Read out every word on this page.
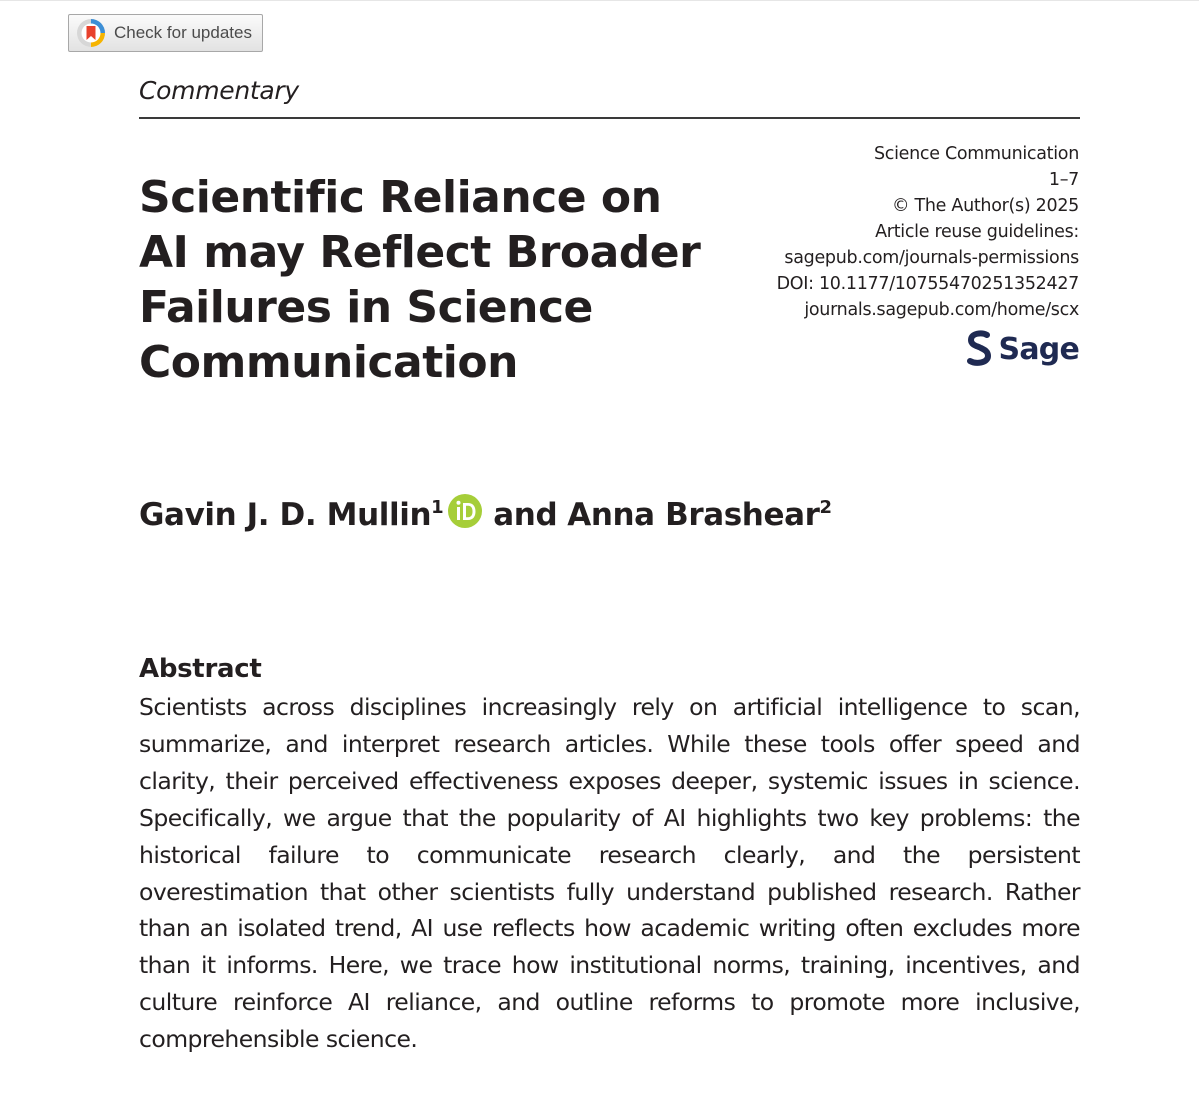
Check for updates
Commentary
Scientific Reliance on AI may Reflect Broader Failures in Science Communication
Science Communication
1–7
© The Author(s) 2025
Article reuse guidelines:
sagepub.com/journals-permissions
DOI: 10.1177/10755470251352427
journals.sagepub.com/home/scx
Sage
Gavin J. D. Mullin$^1$ and Anna Brashear$^2$
Abstract

Scientists across disciplines increasingly rely on artificial intelligence to scan, summarize, and interpret research articles. While these tools offer speed and clarity, their perceived effectiveness exposes deeper, systemic issues in science. Specifically, we argue that the popularity of AI highlights two key problems: the historical failure to communicate research clearly, and the persistent overestimation that other scientists fully understand published research. Rather than an isolated trend, AI use reflects how academic writing often excludes more than it informs. Here, we trace how institutional norms, training, incentives, and culture reinforce AI reliance, and outline reforms to promote more inclusive, comprehensible science.
